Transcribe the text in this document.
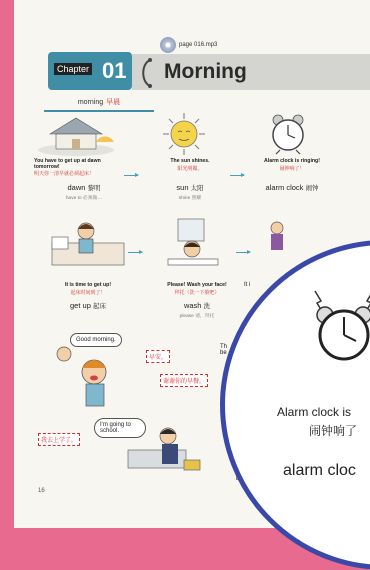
page 016.mp3
Chapter 01 Morning
morning 早晨
You have to get up at dawn tomorrow!
明天你一清早就必须起床！
dawn 黎明
have to 必须做…
The sun shines.
阳光明媚。
sun 太阳
shine 照耀
Alarm clock is ringing!
闹钟响了！
alarm clock 闹钟
It is time to get up!
起床时间到了！
get up 起床
Please! Wash your face!
拜托（洗一下脸吧）
wash 洗
please 请，拜托
It i
Good morning.
早安。
Th be
谢谢你的早餐。
I'm going to school.
我去上学了。
16
Alarm clock is
闹钟响了
alarm cloc
